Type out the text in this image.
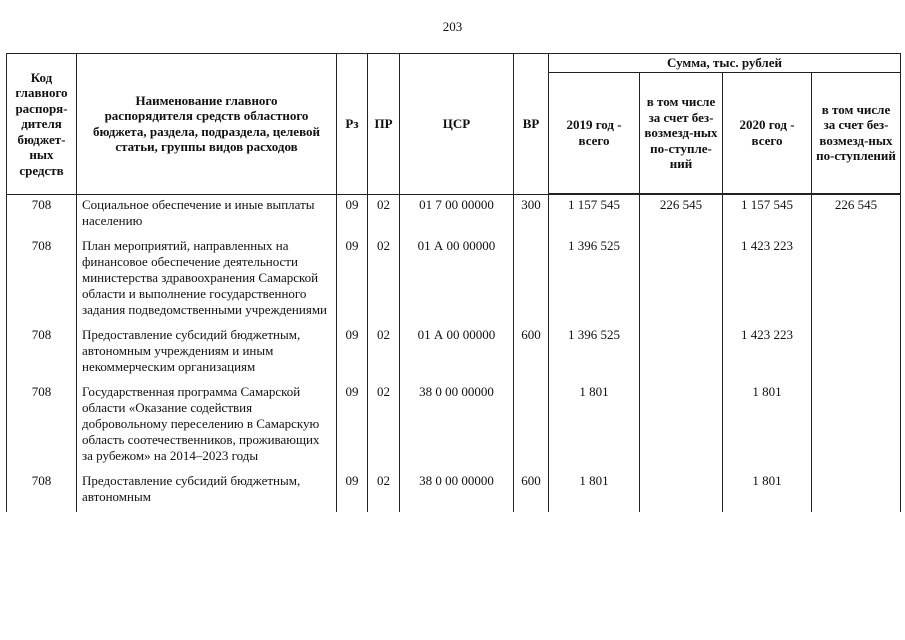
203
Код главного распоря-дителя бюджет-ных средств	Наименование главного распорядителя средств областного бюджета, раздела, подраздела, целевой статьи, группы видов расходов	Рз	ПР	ЦСР	ВР	Сумма, тыс. рублей			
						2019 год - всего	в том числе за счет без-возмезд-ных по-ступле-ний	2020 год - всего	в том числе за счет без-возмезд-ных по-ступлений
708	Социальное обеспечение и иные выплаты населению	09	02	01 7 00 00000	300	1 157 545	226 545	1 157 545	226 545
708	План мероприятий, направленных на финансовое обеспечение деятельности министерства здравоохранения Самарской области и выполнение государственного задания подведомственными учреждениями	09	02	01 А 00 00000		1 396 525		1 423 223	
708	Предоставление субсидий бюджетным, автономным учреждениям и иным некоммерческим организациям	09	02	01 А 00 00000	600	1 396 525		1 423 223	
708	Государственная программа Самарской области «Оказание содействия добровольному переселению в Самарскую область соотечественников, проживающих за рубежом» на 2014–2023 годы	09	02	38 0 00 00000		1 801		1 801	
708	Предоставление субсидий бюджетным, автономным	09	02	38 0 00 00000	600	1 801		1 801	
